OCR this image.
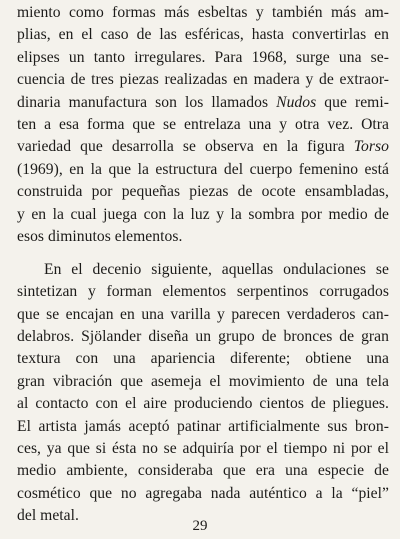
miento como formas más esbeltas y también más am-
plias, en el caso de las esféricas, hasta convertirlas en
elipses un tanto irregulares. Para 1968, surge una se-
cuencia de tres piezas realizadas en madera y de extraor-
dinaria manufactura son los llamados Nudos que remi-
ten a esa forma que se entrelaza una y otra vez. Otra
variedad que desarrolla se observa en la figura Torso
(1969), en la que la estructura del cuerpo femenino está
construida por pequeñas piezas de ocote ensambladas,
y en la cual juega con la luz y la sombra por medio de
esos diminutos elementos.
En el decenio siguiente, aquellas ondulaciones se
sintetizan y forman elementos serpentinos corrugados
que se encajan en una varilla y parecen verdaderos can-
delabros. Sjölander diseña un grupo de bronces de gran
textura con una apariencia diferente; obtiene una
gran vibración que asemeja el movimiento de una tela
al contacto con el aire produciendo cientos de pliegues.
El artista jamás aceptó patinar artificialmente sus bron-
ces, ya que si ésta no se adquiría por el tiempo ni por el
medio ambiente, consideraba que era una especie de
cosmético que no agregaba nada auténtico a la “piel”
del metal.
29
